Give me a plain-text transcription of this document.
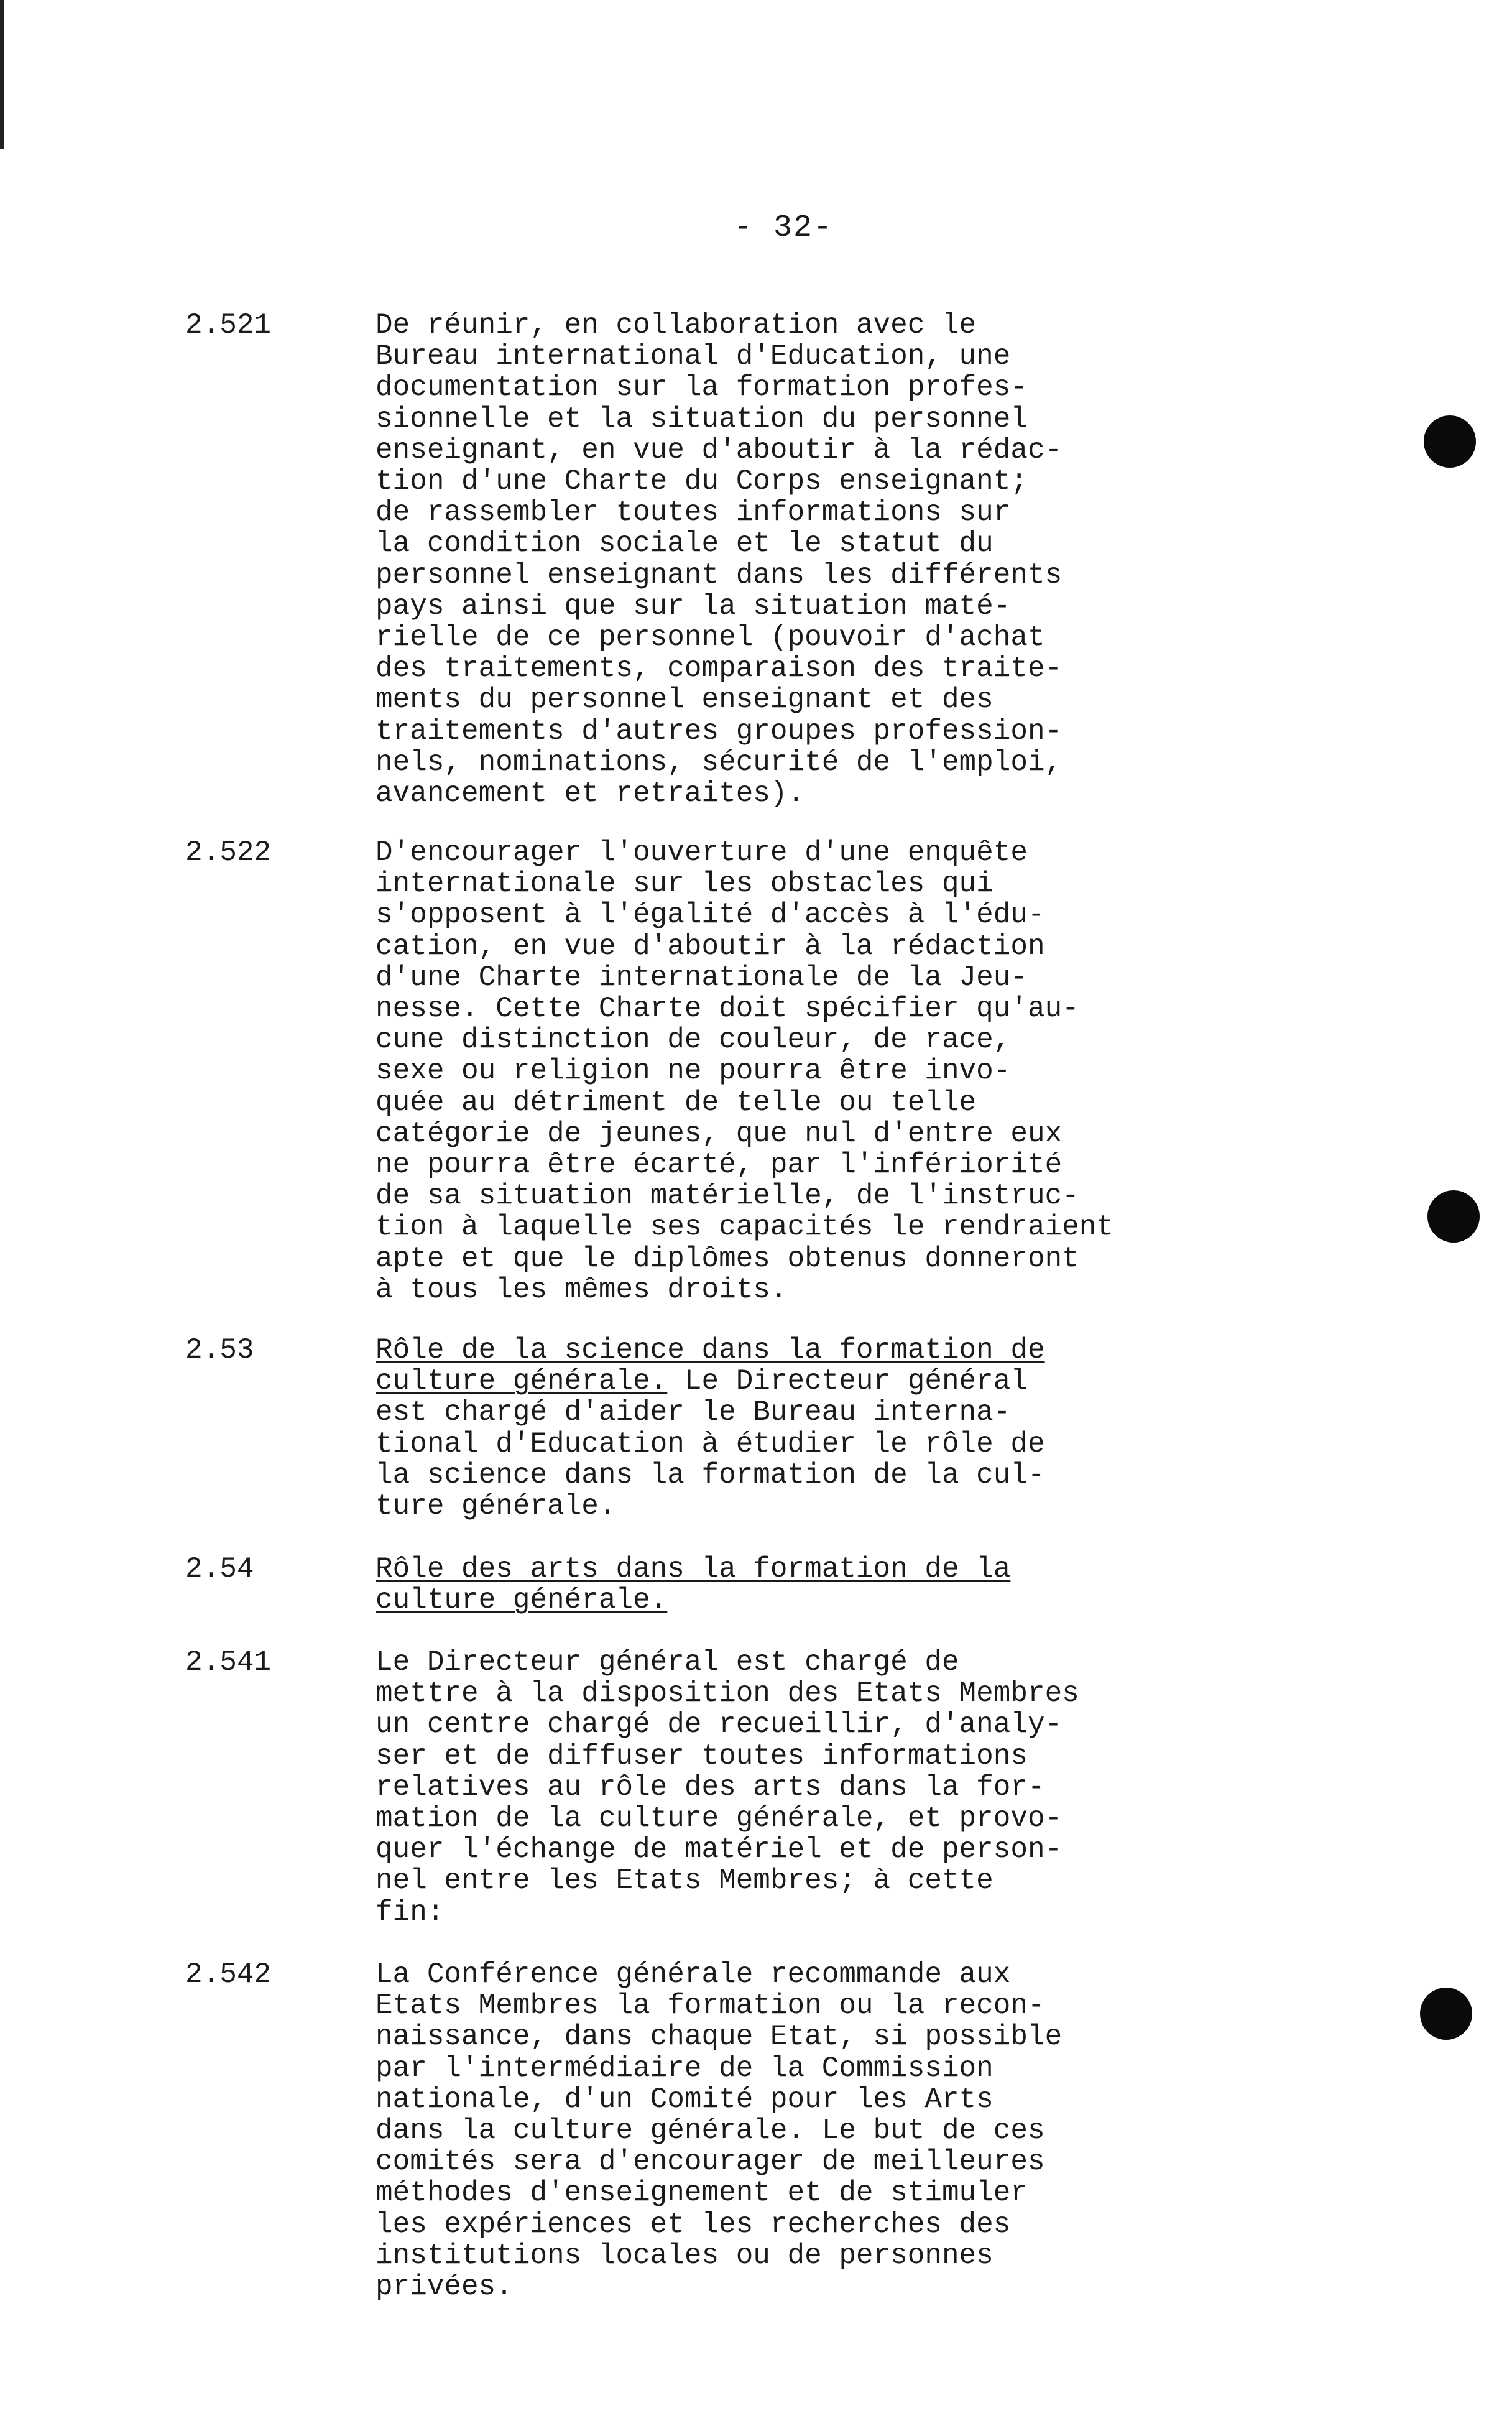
- 32-
2.521	De réunir, en collaboration avec le
Bureau international d'Education, une
documentation sur la formation profes-
sionnelle et la situation du personnel
enseignant, en vue d'aboutir à la rédac-
tion d'une Charte du Corps enseignant;
de rassembler toutes informations sur
la condition sociale et le statut du
personnel enseignant dans les différents
pays ainsi que sur la situation maté-
rielle de ce personnel (pouvoir d'achat
des traitements, comparaison des traite-
ments du personnel enseignant et des
traitements d'autres groupes profession-
nels, nominations, sécurité de l'emploi,
avancement et retraites).
2.522	D'encourager l'ouverture d'une enquête
internationale sur les obstacles qui
s'opposent à l'égalité d'accès à l'édu-
cation, en vue d'aboutir à la rédaction
d'une Charte internationale de la Jeu-
nesse. Cette Charte doit spécifier qu'au-
cune distinction de couleur, de race,
sexe ou religion ne pourra être invo-
quée au détriment de telle ou telle
catégorie de jeunes, que nul d'entre eux
ne pourra être écarté, par l'infériorité
de sa situation matérielle, de l'instruc-
tion à laquelle ses capacités le rendraient
apte et que le diplômes obtenus donneront
à tous les mêmes droits.
2.53	Rôle de la science dans la formation de
culture générale. Le Directeur général
est chargé d'aider le Bureau interna-
tional d'Education à étudier le rôle de
la science dans la formation de la cul-
ture générale.
2.54	Rôle des arts dans la formation de la
culture générale.
2.541	Le Directeur général est chargé de
mettre à la disposition des Etats Membres
un centre chargé de recueillir, d'analy-
ser et de diffuser toutes informations
relatives au rôle des arts dans la for-
mation de la culture générale, et provo-
quer l'échange de matériel et de person-
nel entre les Etats Membres; à cette
fin:
2.542	La Conférence générale recommande aux
Etats Membres la formation ou la recon-
naissance, dans chaque Etat, si possible
par l'intermédiaire de la Commission
nationale, d'un Comité pour les Arts
dans la culture générale. Le but de ces
comités sera d'encourager de meilleures
méthodes d'enseignement et de stimuler
les expériences et les recherches des
institutions locales ou de personnes
privées.
